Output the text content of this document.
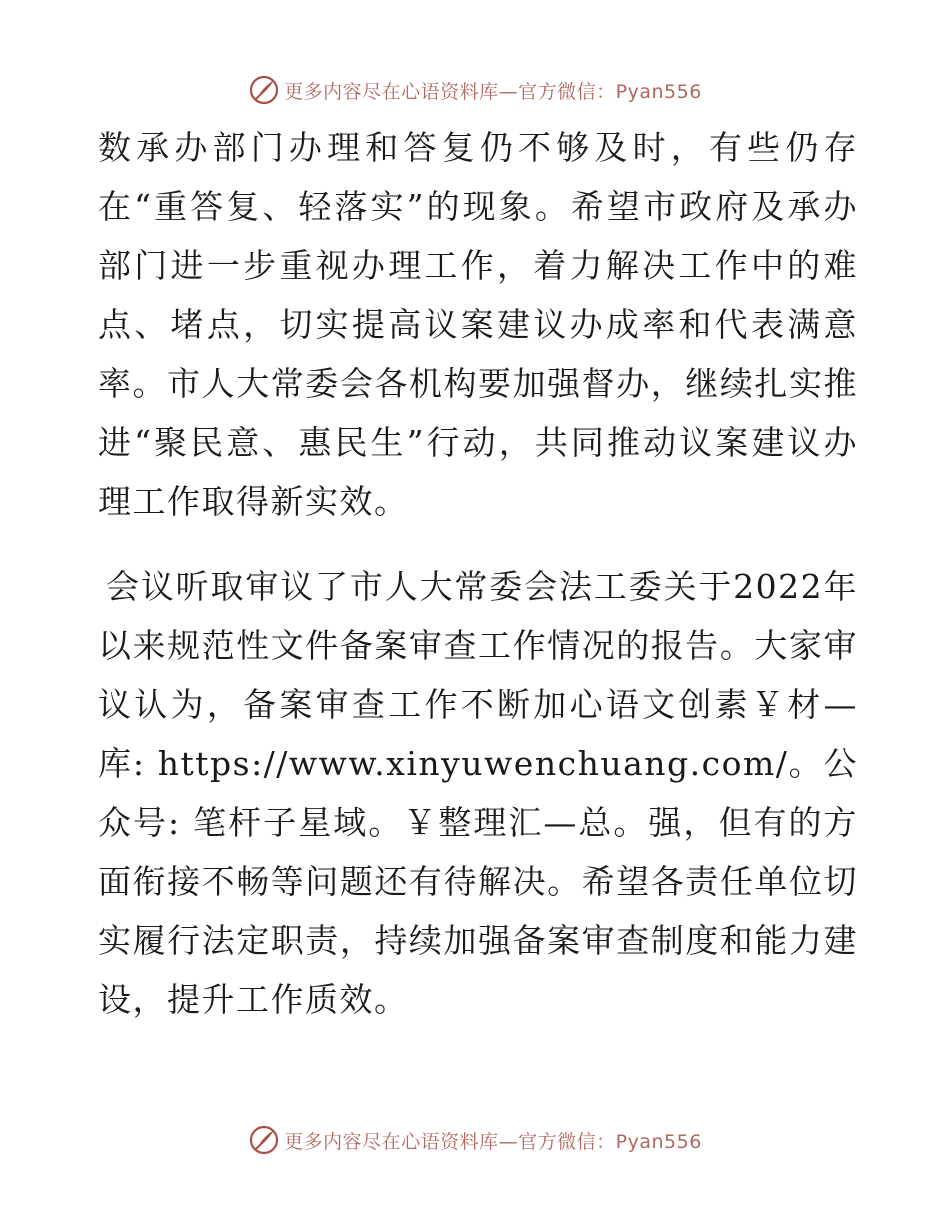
更多内容尽在心语资料库—官方微信：Pyan556

数承办部门办理和答复仍不够及时，有些仍存在“重答复、轻落实”的现象。希望市政府及承办部门进一步重视办理工作，着力解决工作中的难点、堵点，切实提高议案建议办成率和代表满意率。市人大常委会各机构要加强督办，继续扎实推进“聚民意、惠民生”行动，共同推动议案建议办理工作取得新实效。

会议听取审议了市人大常委会法工委关于2022年以来规范性文件备案审查工作情况的报告。大家审议认为，备案审查工作不断加心语文创素￥材—库: https://www.xinyuwenchuang.com/。公众号: 笔杆子星域。￥整理汇—总。强，但有的方面衔接不畅等问题还有待解决。希望各责任单位切实履行法定职责，持续加强备案审查制度和能力建设，提升工作质效。

更多内容尽在心语资料库—官方微信：Pyan556
